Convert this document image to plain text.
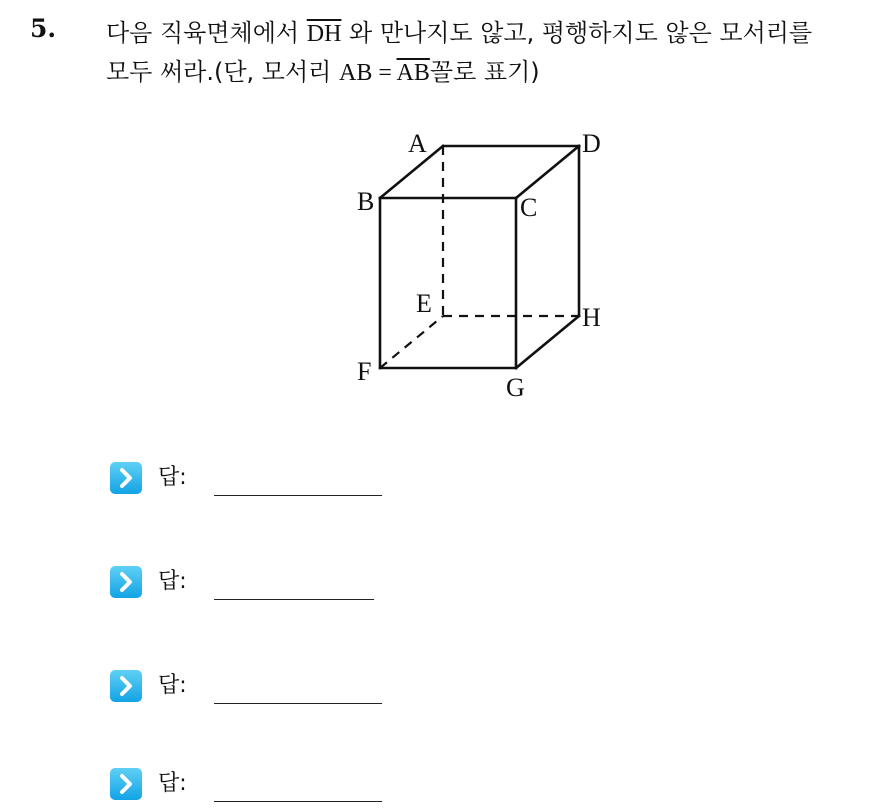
5. 다음 직육면체에서 $\overline{DH}$ 와 만나지도 않고, 평행하지도 않은 모서리를
모두 써라.(단, 모서리 AB = $\overline{AB}$꼴로 표기)
A
B	C
D
E
F
G
H
답:
답:
답:
답:
